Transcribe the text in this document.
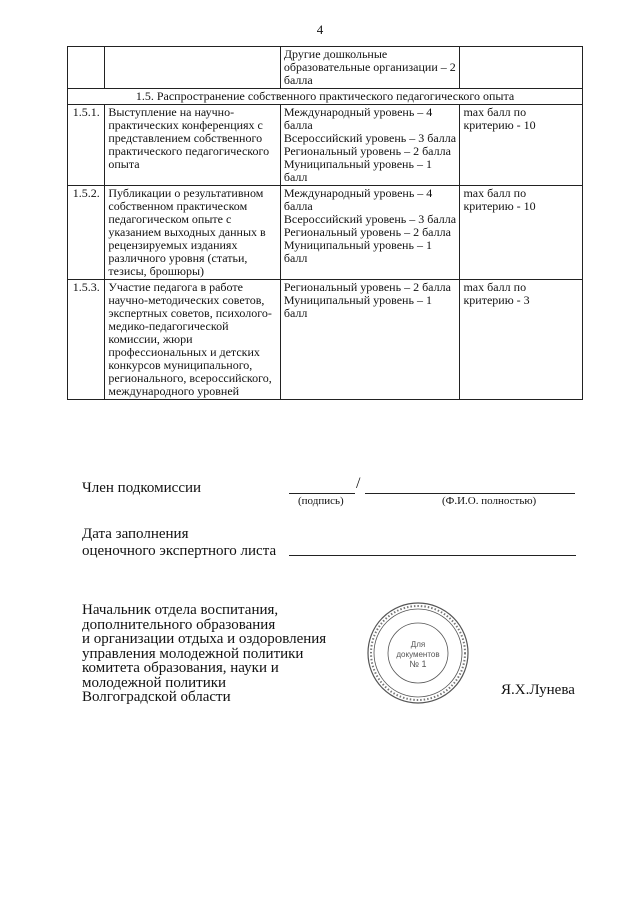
4

		Другие дошкольные образовательные организации – 2 балла	

1.5. Распространение собственного практического педагогического опыта			
1.5.1.	Выступление на научно-практических конференциях с представлением собственного практического педагогического опыта	Международный уровень – 4 балла
Всероссийский уровень – 3 балла
Региональный уровень – 2 балла
Муниципальный уровень – 1 балл	max балл по критерию - 10
1.5.2.	Публикации о результативном собственном практическом педагогическом опыте с указанием выходных данных в рецензируемых изданиях различного уровня (статьи, тезисы, брошюры)	Международный уровень – 4 балла
Всероссийский уровень – 3 балла
Региональный уровень – 2 балла
Муниципальный уровень – 1 балл	max балл по критерию - 10
1.5.3.	Участие педагога в работе научно-методических советов, экспертных советов, психолого-медико-педагогической комиссии, жюри профессиональных и детских конкурсов муниципального, регионального, всероссийского, международного уровней	Региональный уровень – 2 балла
Муниципальный уровень – 1 балл	max балл по критерию - 3
Член подкомиссии	/
(подпись)	(Ф.И.О. полностью)
Дата заполнения
оценочного экспертного листа
Начальник отдела воспитания,
дополнительного образования
и организации отдыха и оздоровления
управления молодежной политики
комитета образования, науки и
молодежной политики
Волгоградской области
Для
документов
№ 1
Я.Х.Лунева
